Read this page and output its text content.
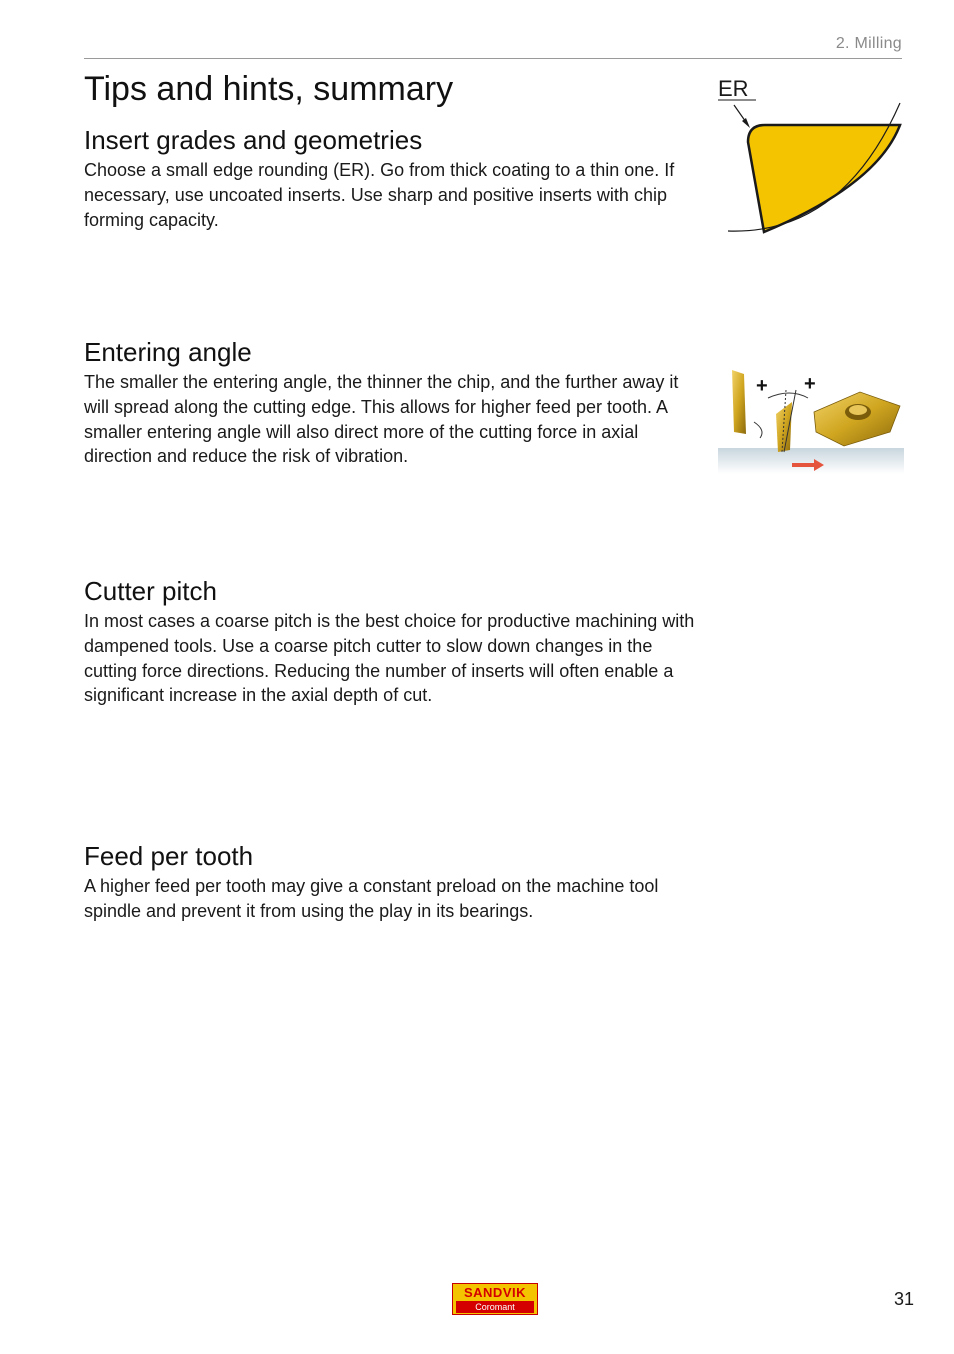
2. Milling
Tips and hints, summary
Insert grades and geometries

Choose a small edge rounding (ER). Go from thick coating to a thin one. If necessary, use uncoated inserts. Use sharp and positive inserts with chip forming capacity.

Entering angle

The smaller the entering angle, the thinner the chip, and the further away it will spread along the cutting edge. This allows for higher feed per tooth. A smaller entering angle will also direct more of the cutting force in axial direction and reduce the risk of vibration.

Cutter pitch

In most cases a coarse pitch is the best choice for productive machining with dampened tools. Use a coarse pitch cutter to slow down changes in the cutting force directions. Reducing the number of inserts will often enable a significant increase in the axial depth of cut.

Feed per tooth

A higher feed per tooth may give a constant preload on the machine tool spindle and prevent it from using the play in its bearings.

ER
+ +
SANDVIK
Coromant	31
